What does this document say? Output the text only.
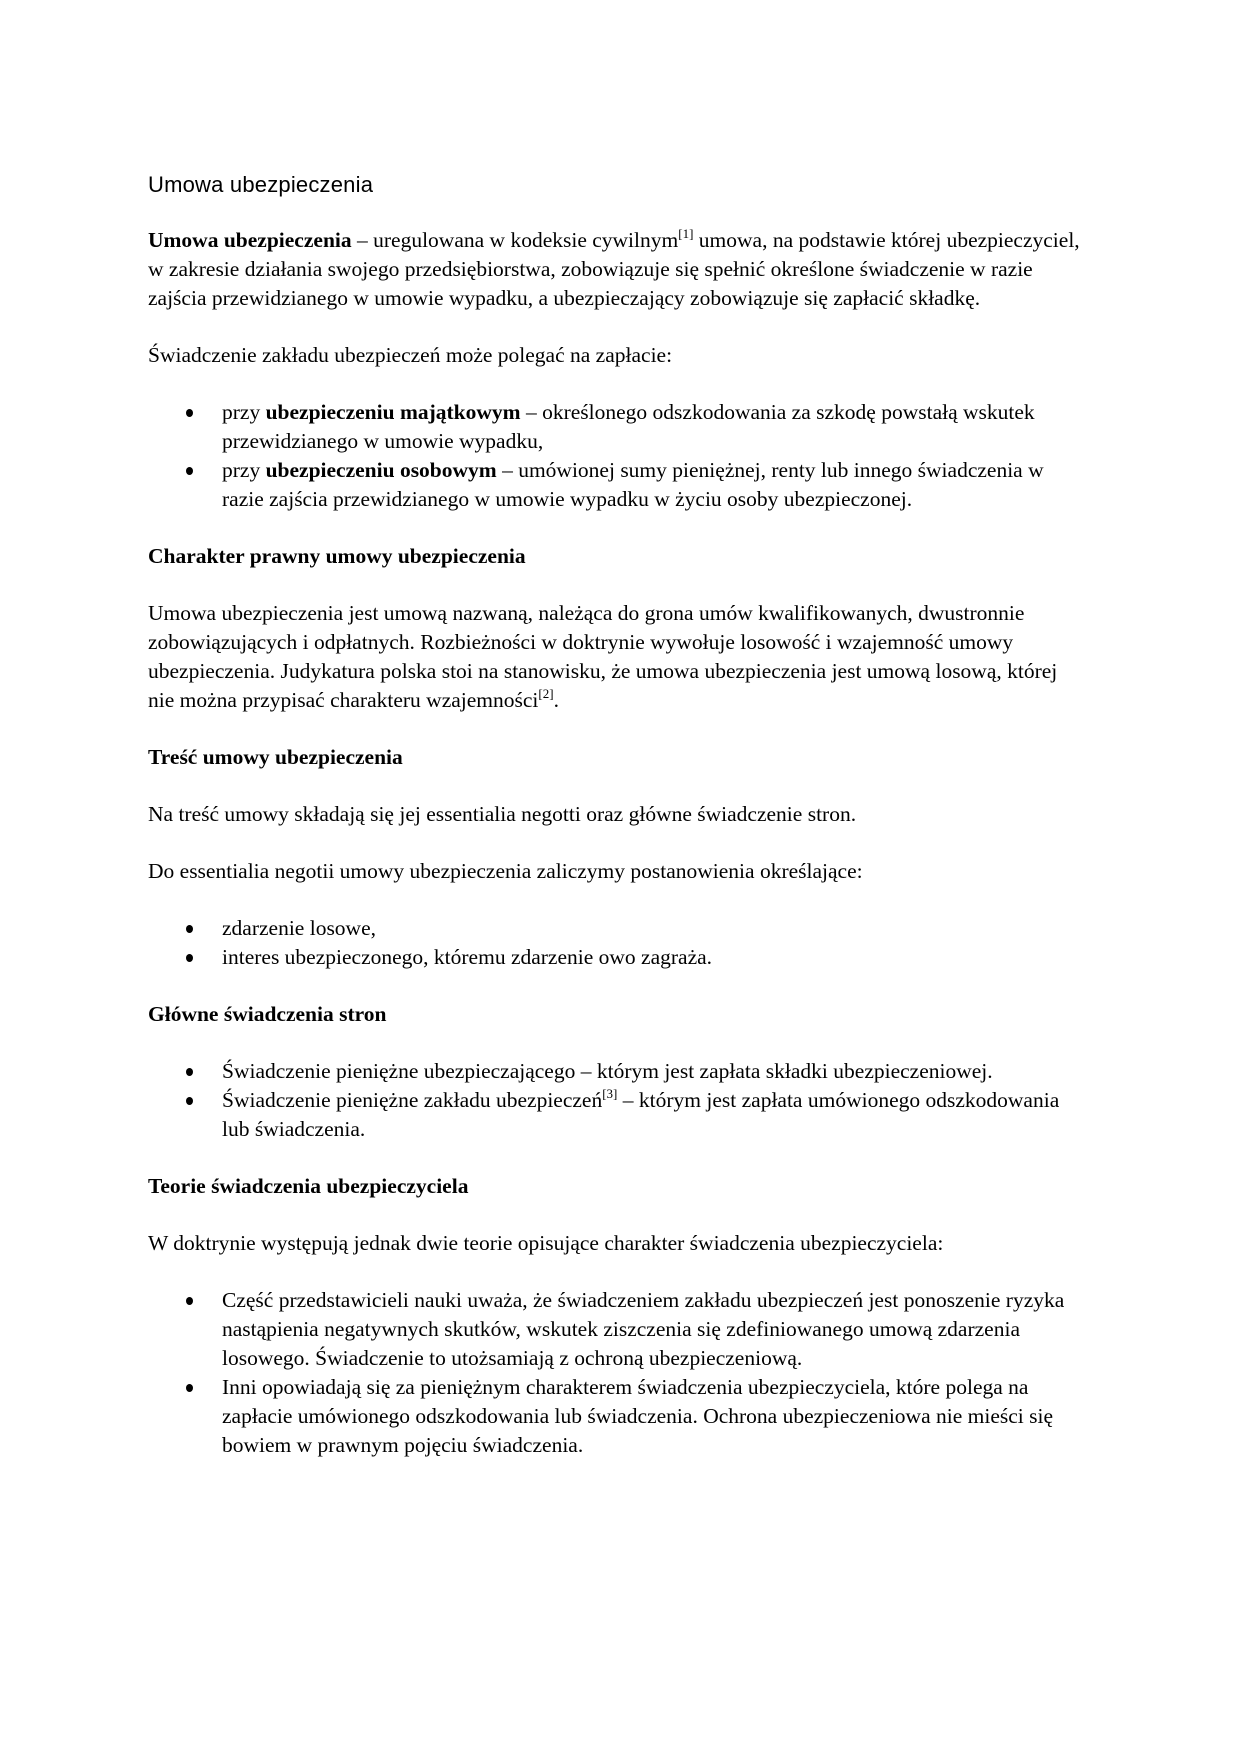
Umowa ubezpieczenia

Umowa ubezpieczenia – uregulowana w kodeksie cywilnym[1] umowa, na podstawie której ubezpieczyciel, w zakresie działania swojego przedsiębiorstwa, zobowiązuje się spełnić określone świadczenie w razie zajścia przewidzianego w umowie wypadku, a ubezpieczający zobowiązuje się zapłacić składkę.

Świadczenie zakładu ubezpieczeń może polegać na zapłacie:

przy ubezpieczeniu majątkowym – określonego odszkodowania za szkodę powstałą wskutek przewidzianego w umowie wypadku,
przy ubezpieczeniu osobowym – umówionej sumy pieniężnej, renty lub innego świadczenia w razie zajścia przewidzianego w umowie wypadku w życiu osoby ubezpieczonej.
Charakter prawny umowy ubezpieczenia

Umowa ubezpieczenia jest umową nazwaną, należąca do grona umów kwalifikowanych, dwustronnie zobowiązujących i odpłatnych. Rozbieżności w doktrynie wywołuje losowość i wzajemność umowy ubezpieczenia. Judykatura polska stoi na stanowisku, że umowa ubezpieczenia jest umową losową, której nie można przypisać charakteru wzajemności[2].

Treść umowy ubezpieczenia

Na treść umowy składają się jej essentialia negotti oraz główne świadczenie stron.

Do essentialia negotii umowy ubezpieczenia zaliczymy postanowienia określające:

zdarzenie losowe,
interes ubezpieczonego, któremu zdarzenie owo zagraża.
Główne świadczenia stron
Świadczenie pieniężne ubezpieczającego – którym jest zapłata składki ubezpieczeniowej.
Świadczenie pieniężne zakładu ubezpieczeń[3] – którym jest zapłata umówionego odszkodowania lub świadczenia.
Teorie świadczenia ubezpieczyciela

W doktrynie występują jednak dwie teorie opisujące charakter świadczenia ubezpieczyciela:

Część przedstawicieli nauki uważa, że świadczeniem zakładu ubezpieczeń jest ponoszenie ryzyka nastąpienia negatywnych skutków, wskutek ziszczenia się zdefiniowanego umową zdarzenia losowego. Świadczenie to utożsamiają z ochroną ubezpieczeniową.
Inni opowiadają się za pieniężnym charakterem świadczenia ubezpieczyciela, które polega na zapłacie umówionego odszkodowania lub świadczenia. Ochrona ubezpieczeniowa nie mieści się bowiem w prawnym pojęciu świadczenia.
